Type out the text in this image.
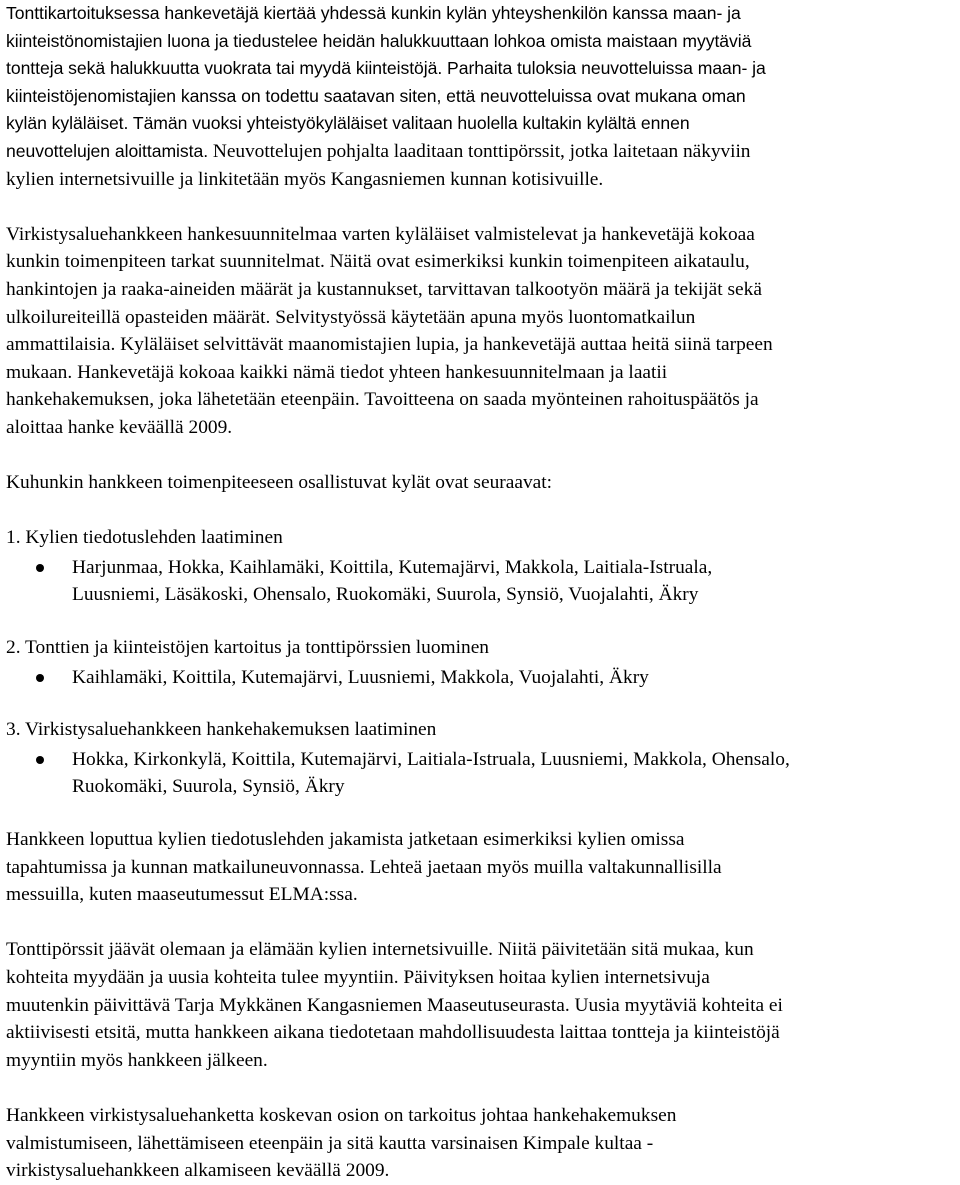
Tonttikartoituksessa hankevetäjä kiertää yhdessä kunkin kylän yhteyshenkilön kanssa maan- ja
kiinteistönomistajien luona ja tiedustelee heidän halukkuuttaan lohkoa omista maistaan myytäviä
tontteja sekä halukkuutta vuokrata tai myydä kiinteistöjä. Parhaita tuloksia neuvotteluissa maan- ja
kiinteistöjenomistajien kanssa on todettu saatavan siten, että neuvotteluissa ovat mukana oman
kylän kyläläiset. Tämän vuoksi yhteistyökyläläiset valitaan huolella kultakin kylältä ennen
neuvottelujen aloittamista. Neuvottelujen pohjalta laaditaan tonttipörssit, jotka laitetaan näkyviin
kylien internetsivuille ja linkitetään myös Kangasniemen kunnan kotisivuille.

Virkistysaluehankkeen hankesuunnitelmaa varten kyläläiset valmistelevat ja hankevetäjä kokoaa
kunkin toimenpiteen tarkat suunnitelmat. Näitä ovat esimerkiksi kunkin toimenpiteen aikataulu,
hankintojen ja raaka-aineiden määrät ja kustannukset, tarvittavan talkootyön määrä ja tekijät sekä
ulkoilureiteillä opasteiden määrät. Selvitystyössä käytetään apuna myös luontomatkailun
ammattilaisia. Kyläläiset selvittävät maanomistajien lupia, ja hankevetäjä auttaa heitä siinä tarpeen
mukaan. Hankevetäjä kokoaa kaikki nämä tiedot yhteen hankesuunnitelmaan ja laatii
hankehakemuksen, joka lähetetään eteenpäin. Tavoitteena on saada myönteinen rahoituspäätös ja
aloittaa hanke keväällä 2009.

Kuhunkin hankkeen toimenpiteeseen osallistuvat kylät ovat seuraavat:

1. Kylien tiedotuslehden laatiminen

Harjunmaa, Hokka, Kaihlamäki, Koittila, Kutemajärvi, Makkola, Laitiala-Istruala,
Luusniemi, Läsäkoski, Ohensalo, Ruokomäki, Suurola, Synsiö, Vuojalahti, Äkry

2. Tonttien ja kiinteistöjen kartoitus ja tonttipörssien luominen

Kaihlamäki, Koittila, Kutemajärvi, Luusniemi, Makkola, Vuojalahti, Äkry

3. Virkistysaluehankkeen hankehakemuksen laatiminen

Hokka, Kirkonkylä, Koittila, Kutemajärvi, Laitiala-Istruala, Luusniemi, Makkola, Ohensalo,
Ruokomäki, Suurola, Synsiö, Äkry

Hankkeen loputtua kylien tiedotuslehden jakamista jatketaan esimerkiksi kylien omissa
tapahtumissa ja kunnan matkailuneuvonnassa. Lehteä jaetaan myös muilla valtakunnallisilla
messuilla, kuten maaseutumessut ELMA:ssa.

Tonttipörssit jäävät olemaan ja elämään kylien internetsivuille. Niitä päivitetään sitä mukaa, kun
kohteita myydään ja uusia kohteita tulee myyntiin. Päivityksen hoitaa kylien internetsivuja
muutenkin päivittävä Tarja Mykkänen Kangasniemen Maaseutuseurasta. Uusia myytäviä kohteita ei
aktiivisesti etsitä, mutta hankkeen aikana tiedotetaan mahdollisuudesta laittaa tontteja ja kiinteistöjä
myyntiin myös hankkeen jälkeen.

Hankkeen virkistysaluehanketta koskevan osion on tarkoitus johtaa hankehakemuksen
valmistumiseen, lähettämiseen eteenpäin ja sitä kautta varsinaisen Kimpale kultaa -
virkistysaluehankkeen alkamiseen keväällä 2009.
